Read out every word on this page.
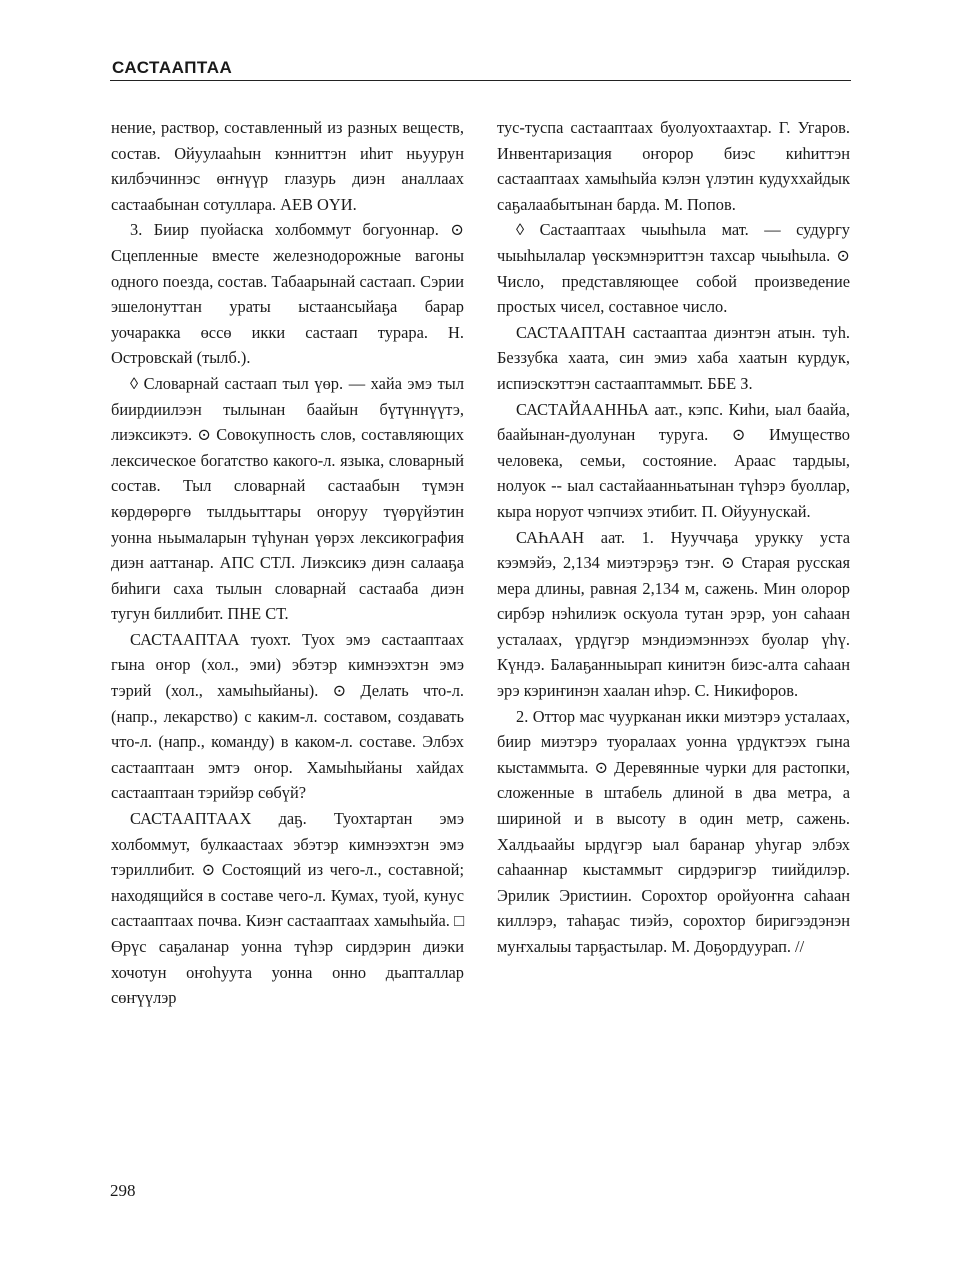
САСТААПТАА

нение, раствор, составленный из разных веществ, состав. Ойуулааһын кэнниттэн иһит ньуурун килбэчиннэс өҥнүүр глазурь диэн аналлаах састаабынан сотуллара. АЕВ ОҮИ.

3. Биир пуойаска холбоммут богуоннар. ⊙ Сцепленные вместе железнодорожные вагоны одного поезда, состав. Табаарынай сaстаап. Сэрии эшелонуттан ураты ыстаансыйаҕа барар уочаракка өссө икки састаап турара. Н. Островскай (тылб.).

◊ Словарнай састаап тыл үөр. — хайа эмэ тыл биирдиилээн тылынан баайын бүтүннүүтэ, лиэксикэтэ. ⊙ Совокупность слов, составляющих лексическое богатство какого-л. языка, словарный состав. Тыл словарнай састаабын түмэн көрдөрөргө тылдьыттары оҥоруу түөрүйэтин уонна ньымаларын түһунан үөрэх лексикография диэн ааттанар. АПС СТЛ. Лиэксикэ диэн салааҕа биһиги саха тылын словарнай састааба диэн тугун биллибит. ПНЕ СТ.

САСТААПТАА туохт. Туох эмэ састааптаах гына оҥор (хол., эми) эбэтэр кимнээхтэн эмэ тэрий (хол., хамыһыйаны). ⊙ Делать что-л. (напр., лекарство) с каким-л. составом, создавать что-л. (напр., команду) в каком-л. составе. Элбэх састааптаан эмтэ оҥор. Хамыһыйаны хайдах састааптаан тэрийэр сөбүй?

САСТААПТААХ даҕ. Туохтартан эмэ холбоммут, булкаастаах эбэтэр кимнээхтэн эмэ тэриллибит. ⊙ Состоящий из чего-л., составной; находящийся в составе чего-л. Кумах, туой, кунус састааптаах почва. Киэҥ састааптаах хамыһыйа. □ Өрүс саҕаланар уонна түһэр сирдэрин диэки хочотун оҥоһуута уонна онно дьапталлар сөҥүүлэр

тус-туспа састааптаах буолуохтаахтар. Г. Угаров. Инвентаризация оҥорор биэс киһиттэн састааптаах хамыһыйа кэлэн үлэтин кудуххайдык саҕалаабытынан барда. М. Попов.

◊ Састааптаах чыыһыла мат. — судургу чыыһылалар үөскэмнэриттэн тахсар чыыһыла. ⊙ Число, представляющее собой произведение простых чисел, составное число.

САСТААПТАН састааптаа диэнтэн атын. туһ. Беззубка хаата, син эмиэ хаба хаатын курдук, испиэскэттэн састааптаммыт. ББЕ З.

САСТАЙААННЬА аат., кэпс. Киһи, ыал баайа, баайынан-дуолунан туруга. ⊙ Имущество человека, семьи, состояние. Араас тардыы, нолуок -- ыал састайаанньатынан түһэрэ буоллар, кыра норуот чэпчиэх этибит. П. Ойуунускай.

САҺААН аат. 1. Нууччаҕа урукку уста кээмэйэ, 2,134 миэтэрэҕэ тэҥ. ⊙ Старая русская мера длины, равная 2,134 м, сажень. Мин олорор сирбэр нэһилиэк оскуола тутан эрэр, уон саһаан усталаах, үрдүгэр мэндиэмэннээх буолар үһү. Күндэ. Балаҕанныырап кинитэн биэс-алта саһаан эрэ кэриҥинэн хаалан иһэр. С. Никифоров.

2. Оттор мас чуурканан икки миэтэрэ усталаах, биир миэтэрэ туоралаах уонна үрдүктээх гына кыстаммыта. ⊙ Деревянные чурки для растопки, сложенные в штабель длиной в два метра, а шириной и в высоту в один метр, сажень. Халдьаайы ырдүгэр ыал баранар уһугар элбэх саһааннар кыстаммыт сирдэригэр тиийдилэр. Эрилик Эристиин. Сорохтор оройуоҥҥа саһаан киллэрэ, таһаҕас тиэйэ, сорохтор биригээдэнэн муҥхалыы тарҕастылар. М. Доҕордуурап. //

298
